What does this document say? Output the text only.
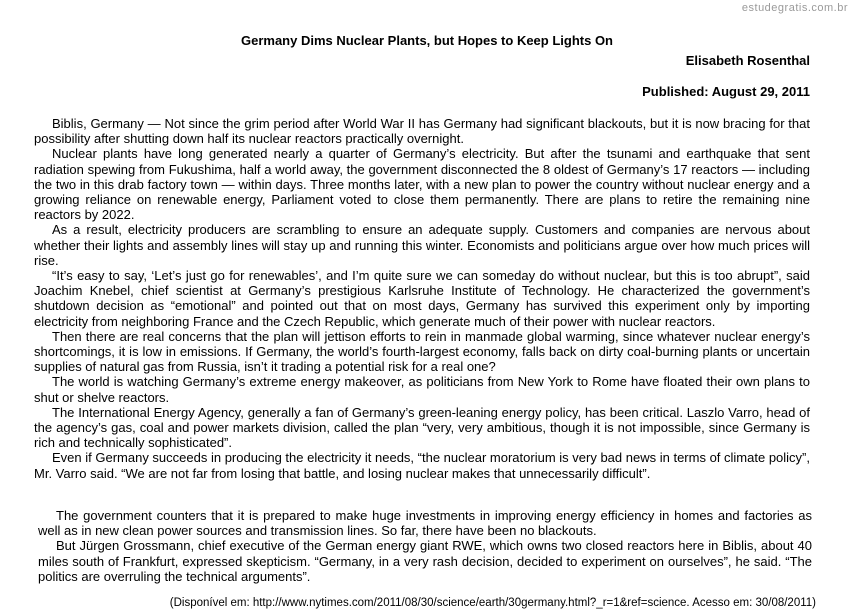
estudegratis.com.br
Germany Dims Nuclear Plants, but Hopes to Keep Lights On

Elisabeth Rosenthal

Published: August 29, 2011

Biblis, Germany — Not since the grim period after World War II has Germany had significant blackouts, but it is now bracing for that possibility after shutting down half its nuclear reactors practically overnight.

Nuclear plants have long generated nearly a quarter of Germany’s electricity. But after the tsunami and earthquake that sent radiation spewing from Fukushima, half a world away, the government disconnected the 8 oldest of Germany’s 17 reactors — including the two in this drab factory town — within days. Three months later, with a new plan to power the country without nuclear energy and a growing reliance on renewable energy, Parliament voted to close them permanently. There are plans to retire the remaining nine reactors by 2022.

As a result, electricity producers are scrambling to ensure an adequate supply. Customers and companies are nervous about whether their lights and assembly lines will stay up and running this winter. Economists and politicians argue over how much prices will rise.

“It’s easy to say, ‘Let’s just go for renewables’, and I’m quite sure we can someday do without nuclear, but this is too abrupt”, said Joachim Knebel, chief scientist at Germany’s prestigious Karlsruhe Institute of Technology. He characterized the government’s shutdown decision as “emotional” and pointed out that on most days, Germany has survived this experiment only by importing electricity from neighboring France and the Czech Republic, which generate much of their power with nuclear reactors.

Then there are real concerns that the plan will jettison efforts to rein in manmade global warming, since whatever nuclear energy’s shortcomings, it is low in emissions. If Germany, the world’s fourth-largest economy, falls back on dirty coal-burning plants or uncertain supplies of natural gas from Russia, isn’t it trading a potential risk for a real one?

The world is watching Germany’s extreme energy makeover, as politicians from New York to Rome have floated their own plans to shut or shelve reactors.

The International Energy Agency, generally a fan of Germany’s green-leaning energy policy, has been critical. Laszlo Varro, head of the agency’s gas, coal and power markets division, called the plan “very, very ambitious, though it is not impossible, since Germany is rich and technically sophisticated”.

Even if Germany succeeds in producing the electricity it needs, “the nuclear moratorium is very bad news in terms of climate policy”, Mr. Varro said. “We are not far from losing that battle, and losing nuclear makes that unnecessarily difficult”.

The government counters that it is prepared to make huge investments in improving energy efficiency in homes and factories as well as in new clean power sources and transmission lines. So far, there have been no blackouts.

But Jürgen Grossmann, chief executive of the German energy giant RWE, which owns two closed reactors here in Biblis, about 40 miles south of Frankfurt, expressed skepticism. “Germany, in a very rash decision, decided to experiment on ourselves”, he said. “The politics are overruling the technical arguments”.

(Disponível em: http://www.nytimes.com/2011/08/30/science/earth/30germany.html?_r=1&ref=science. Acesso em: 30/08/2011)
